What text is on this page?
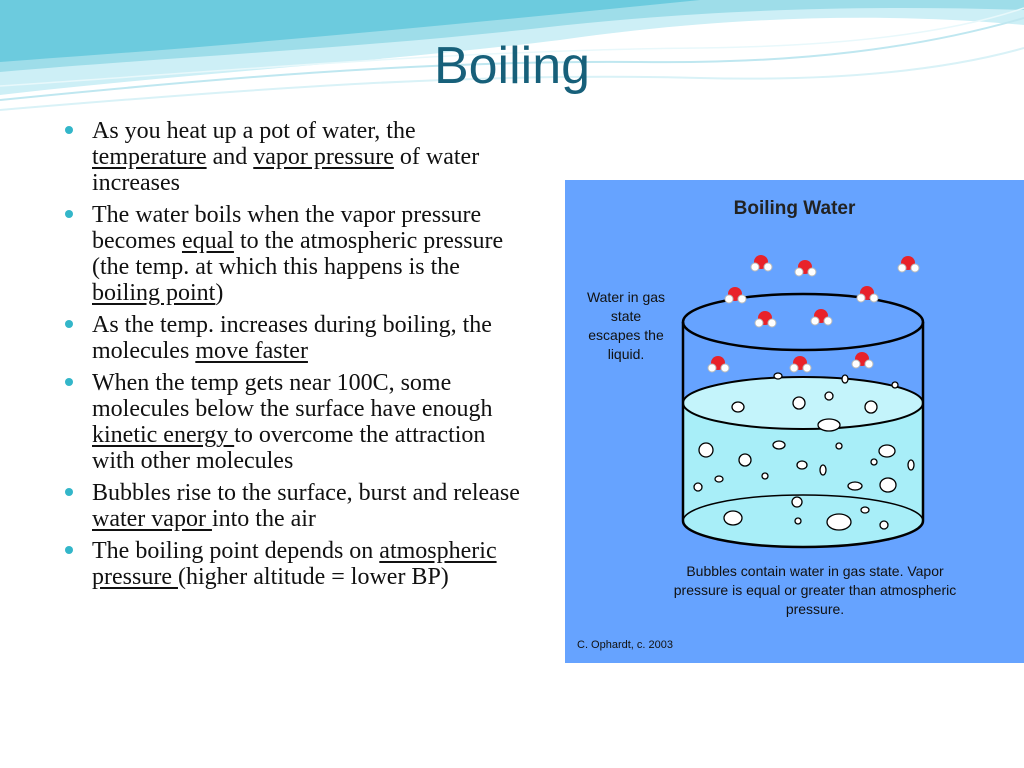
Boiling
As you heat up a pot of water, the temperature and vapor pressure of water increases
The water boils when the vapor pressure becomes equal to the atmospheric pressure (the temp. at which this happens is the boiling point)
As the temp. increases during boiling, the molecules move faster
When the temp gets near 100C, some molecules below the surface have enough kinetic energy to overcome the attraction with other molecules
Bubbles rise to the surface, burst and release water vapor into the air
The boiling point depends on atmospheric pressure (higher altitude = lower BP)
Boiling Water
Water in gas state escapes the liquid.
Bubbles contain water in gas state. Vapor pressure is equal or greater than atmospheric pressure.
C. Ophardt, c. 2003
